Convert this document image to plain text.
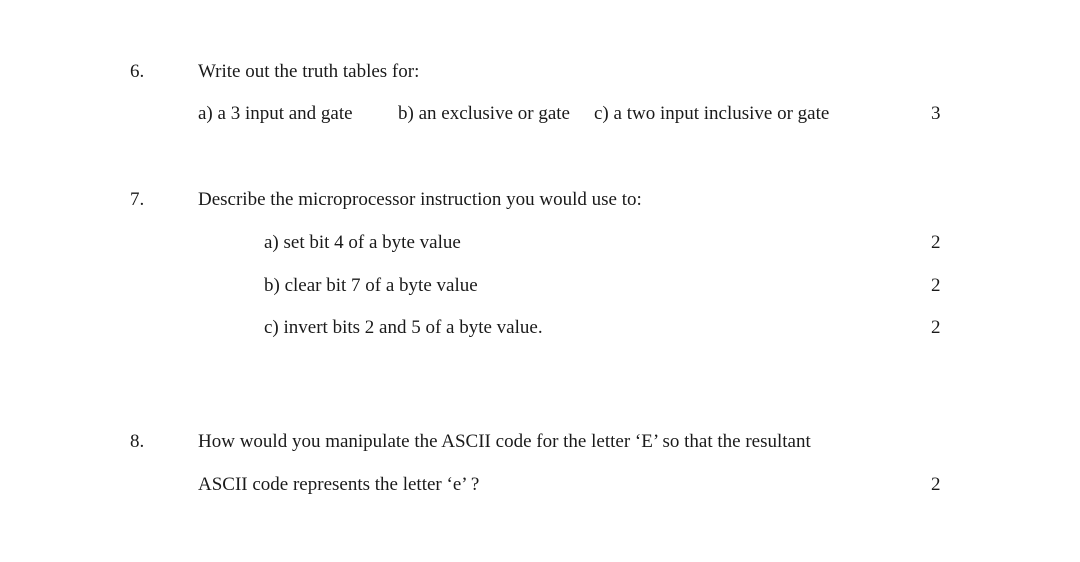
6.	Write out the truth tables for:
a) a 3 input and gate b) an exclusive or gate c) a two input inclusive or gate	3
7.	Describe the microprocessor instruction you would use to:
a) set bit 4 of a byte value	2
b) clear bit 7 of a byte value	2
c) invert bits 2 and 5 of a byte value.	2
8.	How would you manipulate the ASCII code for the letter ‘E’ so that the resultant
ASCII code represents the letter ‘e’ ?	2
